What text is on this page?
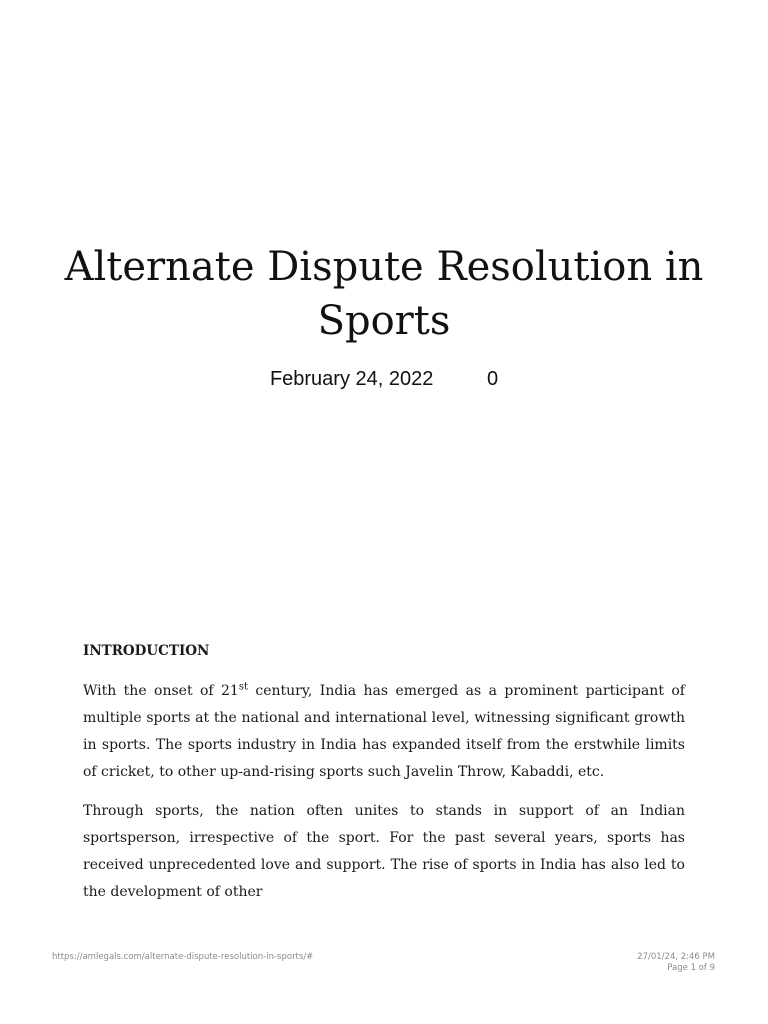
Alternate Dispute Resolution in Sports
February 24, 2022	0

INTRODUCTION

With the onset of 21st century, India has emerged as a prominent participant of multiple sports at the national and international level, witnessing significant growth in sports. The sports industry in India has expanded itself from the erstwhile limits of cricket, to other up-and-rising sports such Javelin Throw, Kabaddi, etc.

Through sports, the nation often unites to stands in support of an Indian sportsperson, irrespective of the sport. For the past several years, sports has received unprecedented love and support. The rise of sports in India has also led to the development of other

https://amlegals.com/alternate-dispute-resolution-in-sports/#	27/01/24, 2:46 PM
Page 1 of 9
